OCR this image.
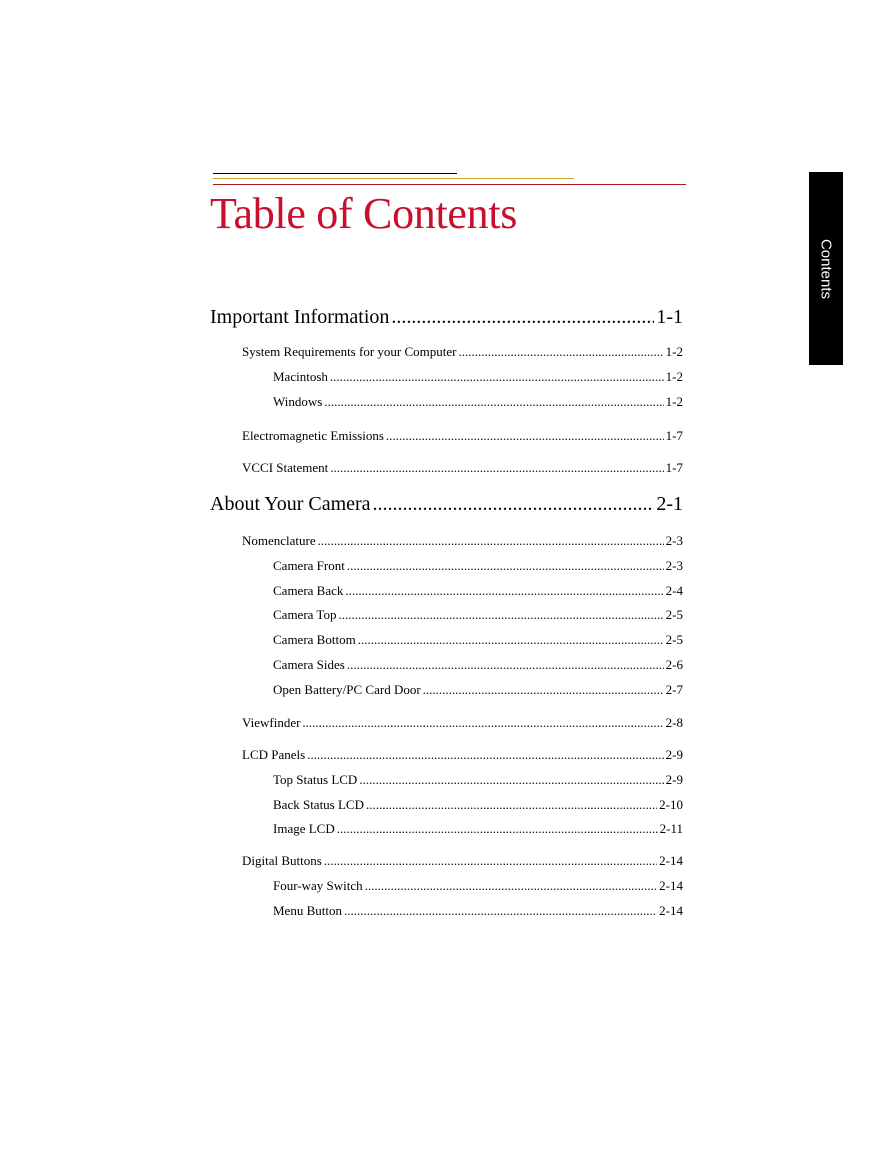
Table of Contents
Contents
Important Information .....	1-1
System Requirements for your Computer .....	1-2
Macintosh .....	1-2
Windows .....	1-2
Electromagnetic Emissions .....	1-7
VCCI Statement .....	1-7
About Your Camera .....	2-1
Nomenclature .....	2-3
Camera Front .....	2-3
Camera Back .....	2-4
Camera Top .....	2-5
Camera Bottom .....	2-5
Camera Sides .....	2-6
Open Battery/PC Card Door .....	2-7
Viewfinder .....	2-8
LCD Panels .....	2-9
Top Status LCD .....	2-9
Back Status LCD .....	2-10
Image LCD .....	2-11
Digital Buttons .....	2-14
Four-way Switch .....	2-14
Menu Button .....	2-14
